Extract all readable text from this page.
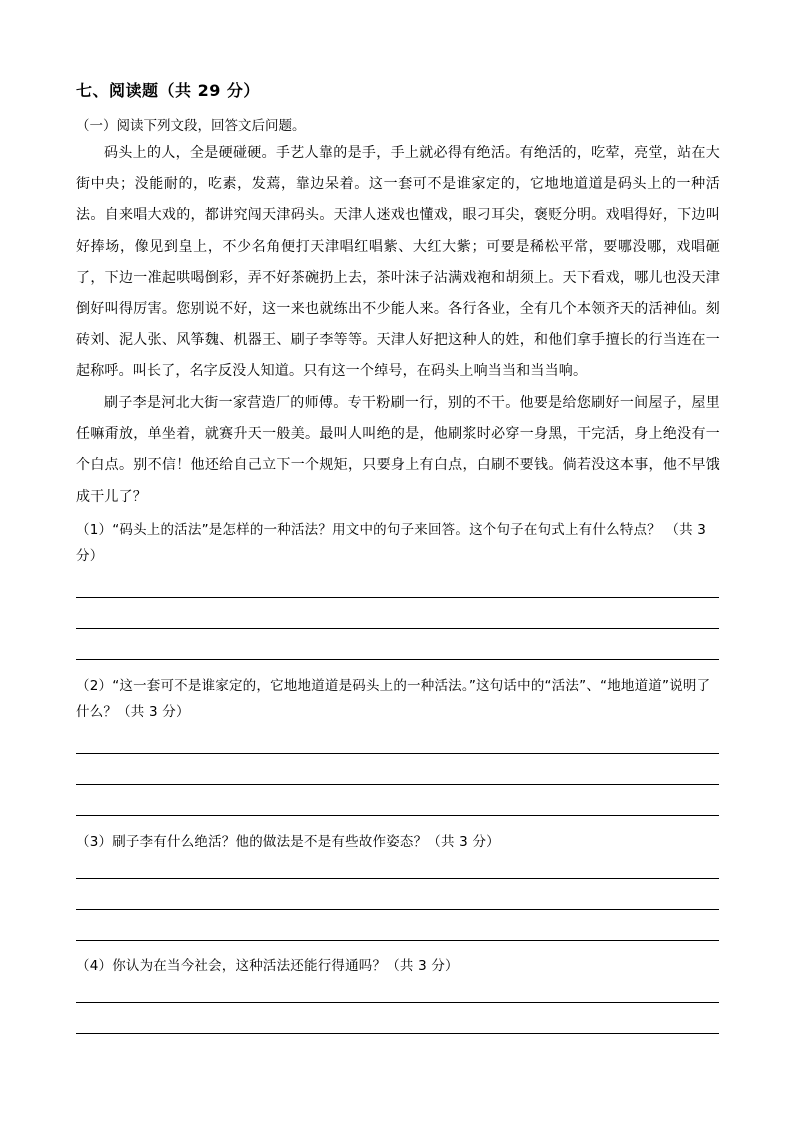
七、阅读题（共 29 分）
（一）阅读下列文段，回答文后问题。
码头上的人，全是硬碰硬。手艺人靠的是手，手上就必得有绝活。有绝活的，吃荤，亮堂，站在大街中央；没能耐的，吃素，发蔫，靠边呆着。这一套可不是谁家定的，它地地道道是码头上的一种活法。自来唱大戏的，都讲究闯天津码头。天津人迷戏也懂戏，眼刁耳尖，褒贬分明。戏唱得好，下边叫好捧场，像见到皇上，不少名角便打天津唱红唱紫、大红大紫；可要是稀松平常，要哪没哪，戏唱砸了，下边一准起哄喝倒彩，弄不好茶碗扔上去，茶叶沫子沾满戏袍和胡须上。天下看戏，哪儿也没天津倒好叫得厉害。您别说不好，这一来也就练出不少能人来。各行各业，全有几个本领齐天的活神仙。刻砖刘、泥人张、风筝魏、机器王、刷子李等等。天津人好把这种人的姓，和他们拿手擅长的行当连在一起称呼。叫长了，名字反没人知道。只有这一个绰号，在码头上响当当和当当响。
刷子李是河北大街一家营造厂的师傅。专干粉刷一行，别的不干。他要是给您刷好一间屋子，屋里任嘛甭放，单坐着，就赛升天一般美。最叫人叫绝的是，他刷浆时必穿一身黑，干完活，身上绝没有一个白点。别不信！他还给自己立下一个规矩，只要身上有白点，白刷不要钱。倘若没这本事，他不早饿成干儿了？
（1）“码头上的活法”是怎样的一种活法？用文中的句子来回答。这个句子在句式上有什么特点？ （共 3 分）
（2）“这一套可不是谁家定的，它地地道道是码头上的一种活法。”这句话中的“活法”、“地地道道”说明了什么？（共 3 分）
（3）刷子李有什么绝活？他的做法是不是有些故作姿态？（共 3 分）
（4）你认为在当今社会，这种活法还能行得通吗？（共 3 分）
